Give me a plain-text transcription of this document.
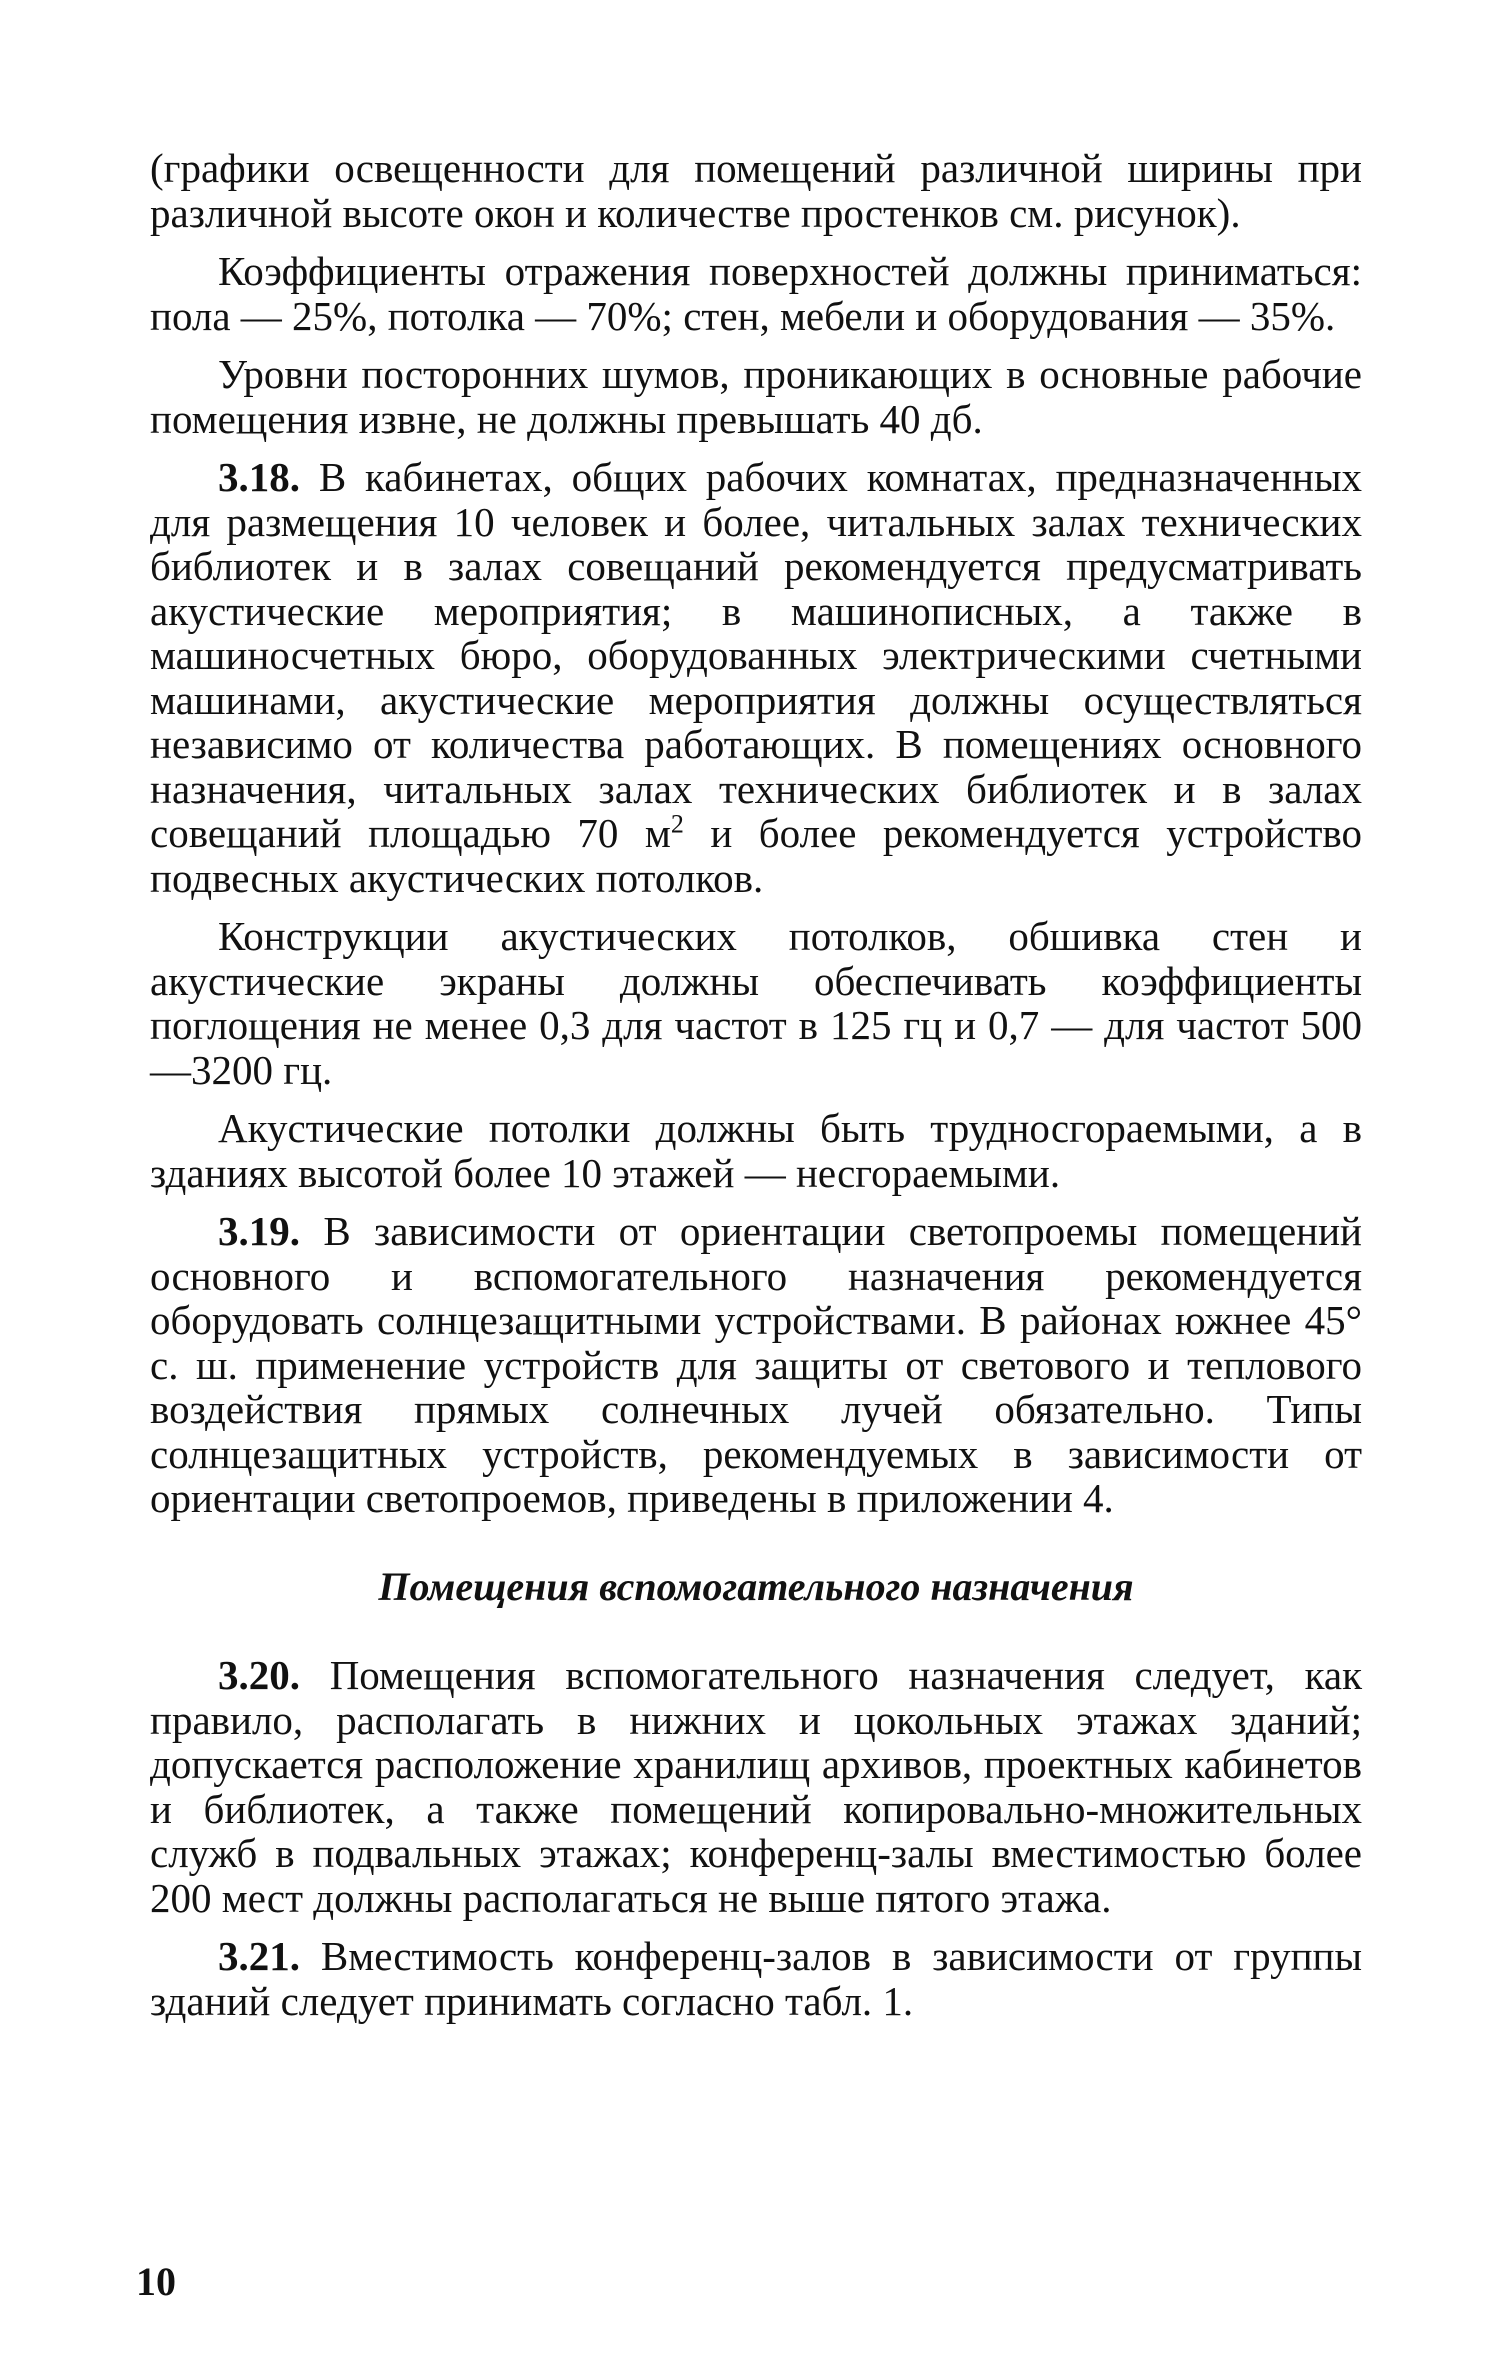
(графики освещенности для помещений различной ширины при различной высоте окон и количестве простенков см. рисунок).

Коэффициенты отражения поверхностей должны приниматься: пола — 25%, потолка — 70%; стен, мебели и оборудования — 35%.

Уровни посторонних шумов, проникающих в основные рабочие помещения извне, не должны превышать 40 дб.

3.18. В кабинетах, общих рабочих комнатах, предназначенных для размещения 10 человек и более, читальных залах технических библиотек и в залах совещаний рекомендуется предусматривать акустические мероприятия; в машинописных, а также в машиносчетных бюро, оборудованных электрическими счетными машинами, акустические мероприятия должны осуществляться независимо от количества работающих. В помещениях основного назначения, читальных залах технических библиотек и в залах совещаний площадью 70 $м^2$ и более рекомендуется устройство подвесных акустических потолков.

Конструкции акустических потолков, обшивка стен и акустические экраны должны обеспечивать коэффициенты поглощения не менее 0,3 для частот в 125 гц и 0,7 — для частот 500—3200 гц.

Акустические потолки должны быть трудносгораемыми, а в зданиях высотой более 10 этажей — несгораемыми.

3.19. В зависимости от ориентации светопроемы помещений основного и вспомогательного назначения рекомендуется оборудовать солнцезащитными устройствами. В районах южнее 45° с. ш. применение устройств для защиты от светового и теплового воздействия прямых солнечных лучей обязательно. Типы солнцезащитных устройств, рекомендуемых в зависимости от ориентации светопроемов, приведены в приложении 4.

Помещения вспомогательного назначения

3.20. Помещения вспомогательного назначения следует, как правило, располагать в нижних и цокольных этажах зданий; допускается расположение хранилищ архивов, проектных кабинетов и библиотек, а также помещений копировально-множительных служб в подвальных этажах; конференц-залы вместимостью более 200 мест должны располагаться не выше пятого этажа.

3.21. Вместимость конференц-залов в зависимости от группы зданий следует принимать согласно табл. 1.

10
